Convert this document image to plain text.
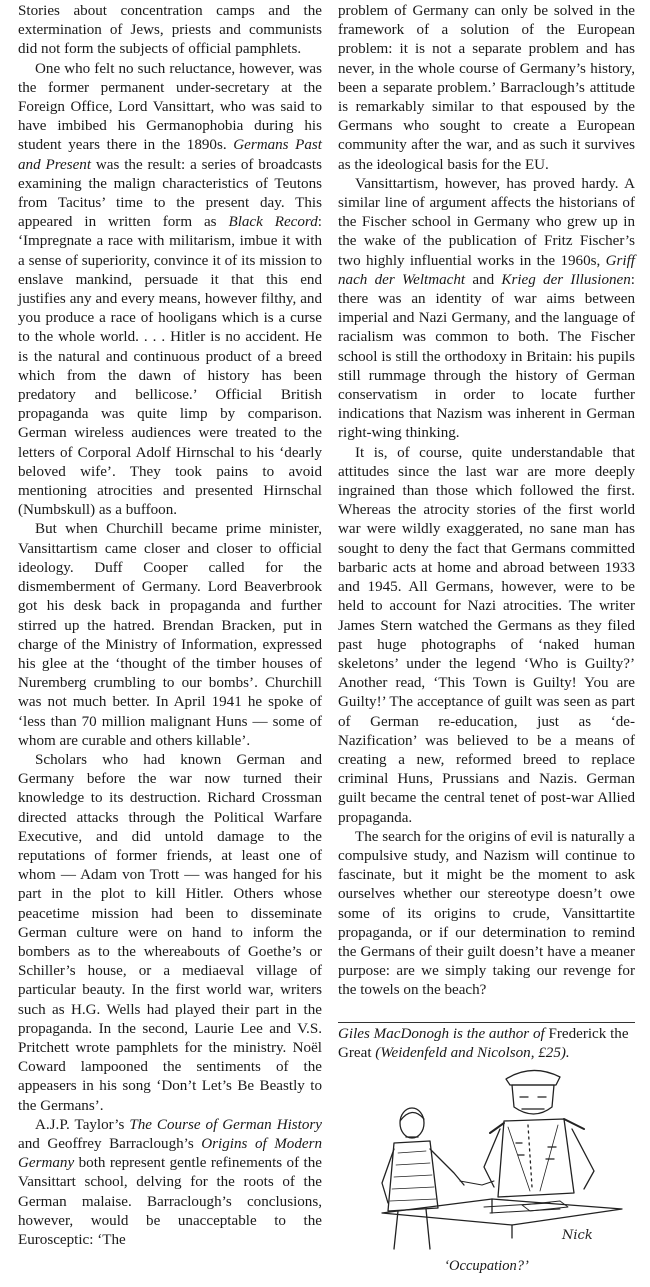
Stories about concentration camps and the extermination of Jews, priests and communists did not form the subjects of official pamphlets.

One who felt no such reluctance, however, was the former permanent under-secretary at the Foreign Office, Lord Vansittart, who was said to have imbibed his Germanophobia during his student years there in the 1890s. Germans Past and Present was the result: a series of broadcasts examining the malign characteristics of Teutons from Tacitus’ time to the present day. This appeared in written form as Black Record: ‘Impregnate a race with militarism, imbue it with a sense of superiority, convince it of its mission to enslave mankind, persuade it that this end justifies any and every means, however filthy, and you produce a race of hooligans which is a curse to the whole world. . . . Hitler is no accident. He is the natural and continuous product of a breed which from the dawn of history has been predatory and bellicose.’ Official British propaganda was quite limp by comparison. German wireless audiences were treated to the letters of Corporal Adolf Hirnschal to his ‘dearly beloved wife’. They took pains to avoid mentioning atrocities and presented Hirnschal (Numbskull) as a buffoon.

But when Churchill became prime minister, Vansittartism came closer and closer to official ideology. Duff Cooper called for the dismemberment of Germany. Lord Beaverbrook got his desk back in propaganda and further stirred up the hatred. Brendan Bracken, put in charge of the Ministry of Information, expressed his glee at the ‘thought of the timber houses of Nuremberg crumbling to our bombs’. Churchill was not much better. In April 1941 he spoke of ‘less than 70 million malignant Huns — some of whom are curable and others killable’.

Scholars who had known German and Germany before the war now turned their knowledge to its destruction. Richard Crossman directed attacks through the Political Warfare Executive, and did untold damage to the reputations of former friends, at least one of whom — Adam von Trott — was hanged for his part in the plot to kill Hitler. Others whose peacetime mission had been to disseminate German culture were on hand to inform the bombers as to the whereabouts of Goethe’s or Schiller’s house, or a mediaeval village of particular beauty. In the first world war, writers such as H.G. Wells had played their part in the propaganda. In the second, Laurie Lee and V.S. Pritchett wrote pamphlets for the ministry. Noël Coward lampooned the sentiments of the appeasers in his song ‘Don’t Let’s Be Beastly to the Germans’.

A.J.P. Taylor’s The Course of German History and Geoffrey Barraclough’s Origins of Modern Germany both represent gentle refinements of the Vansittart school, delving for the roots of the German malaise. Barraclough’s conclusions, however, would be unacceptable to the Eurosceptic: ‘The

problem of Germany can only be solved in the framework of a solution of the European problem: it is not a separate problem and has never, in the whole course of Germany’s history, been a separate problem.’ Barraclough’s attitude is remarkably similar to that espoused by the Germans who sought to create a European community after the war, and as such it survives as the ideological basis for the EU.

Vansittartism, however, has proved hardy. A similar line of argument affects the historians of the Fischer school in Germany who grew up in the wake of the publication of Fritz Fischer’s two highly influential works in the 1960s, Griff nach der Weltmacht and Krieg der Illusionen: there was an identity of war aims between imperial and Nazi Germany, and the language of racialism was common to both. The Fischer school is still the orthodoxy in Britain: his pupils still rummage through the history of German conservatism in order to locate further indications that Nazism was inherent in German right-wing thinking.

It is, of course, quite understandable that attitudes since the last war are more deeply ingrained than those which followed the first. Whereas the atrocity stories of the first world war were wildly exaggerated, no sane man has sought to deny the fact that Germans committed barbaric acts at home and abroad between 1933 and 1945. All Germans, however, were to be held to account for Nazi atrocities. The writer James Stern watched the Germans as they filed past huge photographs of ‘naked human skeletons’ under the legend ‘Who is Guilty?’ Another read, ‘This Town is Guilty! You are Guilty!’ The acceptance of guilt was seen as part of German re-education, just as ‘de-Nazification’ was believed to be a means of creating a new, reformed breed to replace criminal Huns, Prussians and Nazis. German guilt became the central tenet of post-war Allied propaganda.

The search for the origins of evil is naturally a compulsive study, and Nazism will continue to fascinate, but it might be the moment to ask ourselves whether our stereotype doesn’t owe some of its origins to crude, Vansittartite propaganda, or if our determination to remind the Germans of their guilt doesn’t have a meaner purpose: are we simply taking our revenge for the towels on the beach?

Giles MacDonogh is the author of Frederick the Great (Weidenfeld and Nicolson, £25).
Nick
‘Occupation?’
